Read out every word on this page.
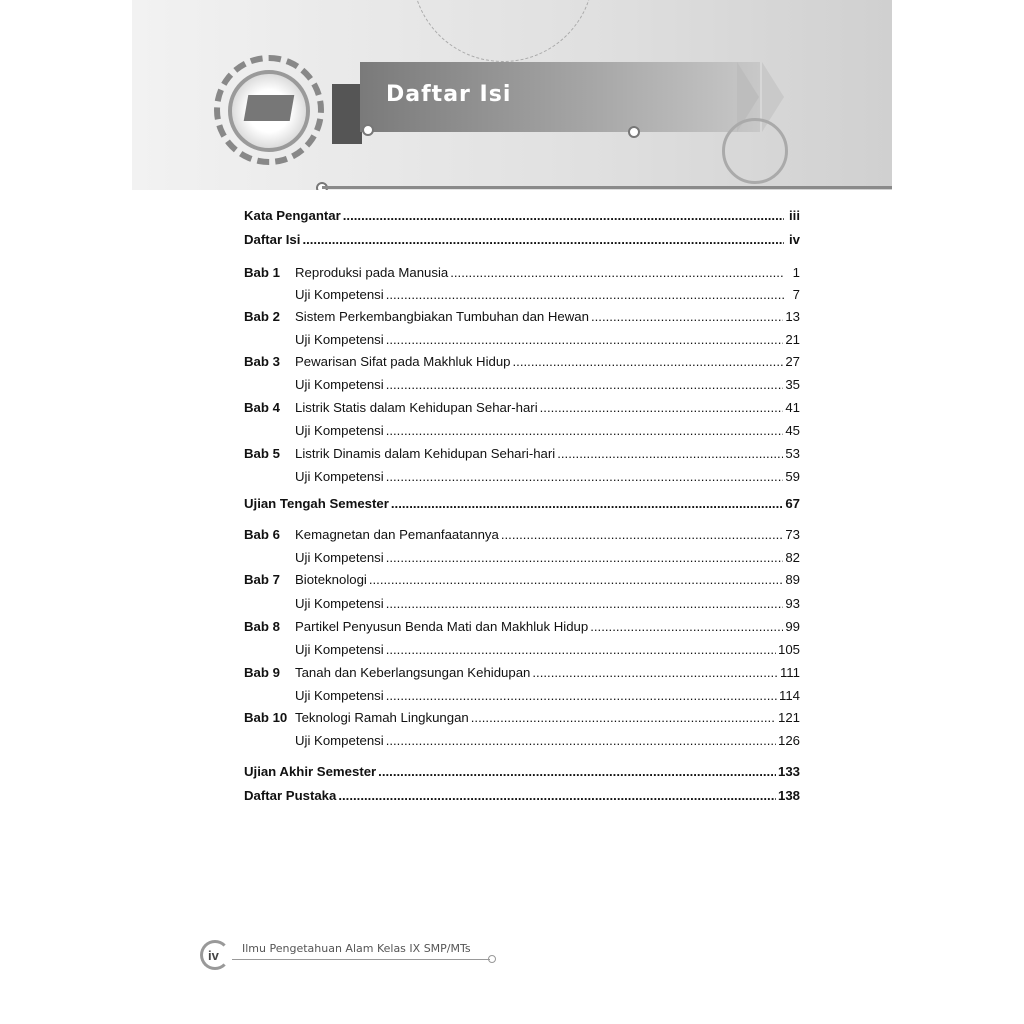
Daftar Isi
Kata Pengantar .....	iii
Daftar Isi .....	iv
Bab 1	Reproduksi pada Manusia .....	1
Uji Kompetensi .....	7
Bab 2	Sistem Perkembangbiakan Tumbuhan dan Hewan .....	13
Uji Kompetensi .....	21
Bab 3	Pewarisan Sifat pada Makhluk Hidup .....	27
Uji Kompetensi .....	35
Bab 4	Listrik Statis dalam Kehidupan Sehar-hari .....	41
Uji Kompetensi .....	45
Bab 5	Listrik Dinamis dalam Kehidupan Sehari-hari .....	53
Uji Kompetensi .....	59
Ujian Tengah Semester .....	67
Bab 6	Kemagnetan dan Pemanfaatannya .....	73
Uji Kompetensi .....	82
Bab 7	Bioteknologi .....	89
Uji Kompetensi .....	93
Bab 8	Partikel Penyusun Benda Mati dan Makhluk Hidup .....	99
Uji Kompetensi .....	105
Bab 9	Tanah dan Keberlangsungan Kehidupan .....	111
Uji Kompetensi .....	114
Bab 10 Teknologi Ramah Lingkungan .....	121
Uji Kompetensi .....	126
Ujian Akhir Semester .....	133
Daftar Pustaka .....	138
iv Ilmu Pengetahuan Alam Kelas IX SMP/MTs
